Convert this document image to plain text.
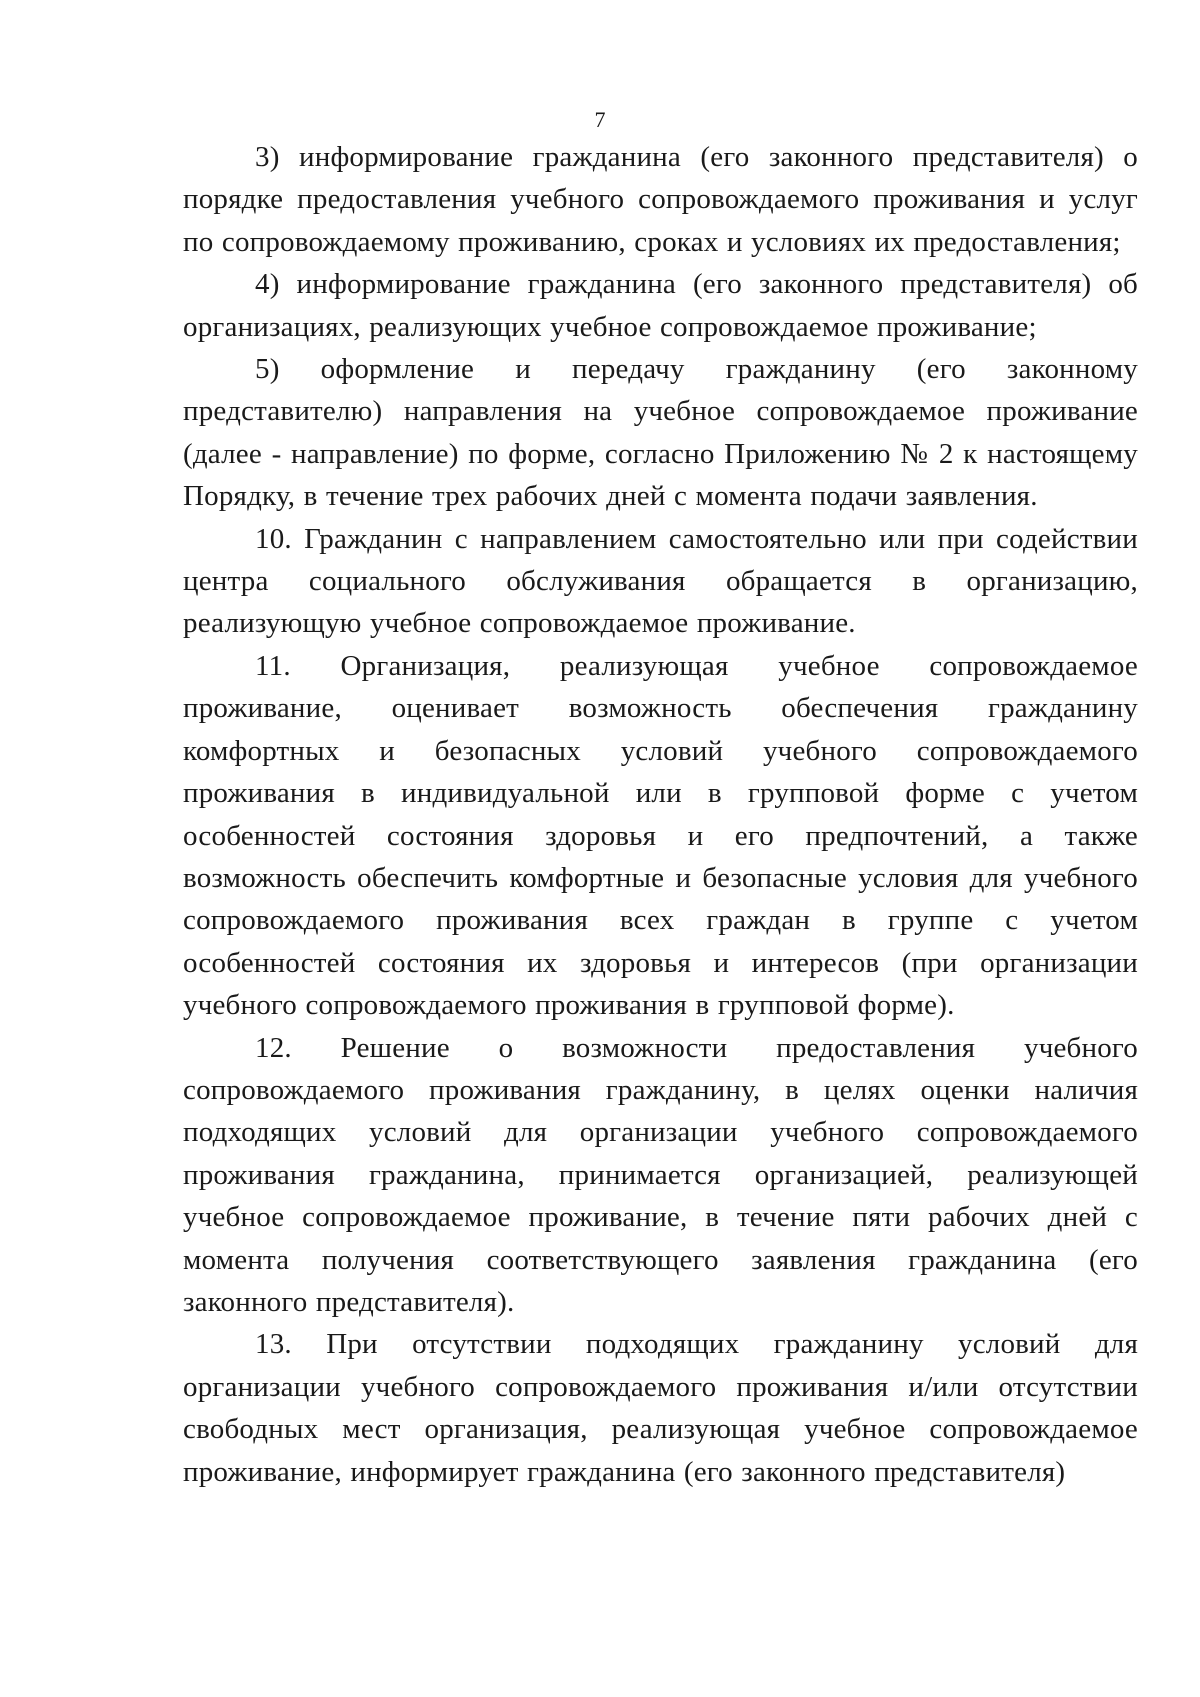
7

3) информирование гражданина (его законного представителя) о порядке предоставления учебного сопровождаемого проживания и услуг по сопровождаемому проживанию, сроках и условиях их предоставления;

4) информирование гражданина (его законного представителя) об организациях, реализующих учебное сопровождаемое проживание;

5) оформление и передачу гражданину (его законному представителю) направления на учебное сопровождаемое проживание (далее - направление) по форме, согласно Приложению № 2 к настоящему Порядку, в течение трех рабочих дней с момента подачи заявления.

10. Гражданин с направлением самостоятельно или при содействии центра социального обслуживания обращается в организацию, реализующую учебное сопровождаемое проживание.

11. Организация, реализующая учебное сопровождаемое проживание, оценивает возможность обеспечения гражданину комфортных и безопасных условий учебного сопровождаемого проживания в индивидуальной или в групповой форме с учетом особенностей состояния здоровья и его предпочтений, а также возможность обеспечить комфортные и безопасные условия для учебного сопровождаемого проживания всех граждан в группе с учетом особенностей состояния их здоровья и интересов (при организации учебного сопровождаемого проживания в групповой форме).

12. Решение о возможности предоставления учебного сопровождаемого проживания гражданину, в целях оценки наличия подходящих условий для организации учебного сопровождаемого проживания гражданина, принимается организацией, реализующей учебное сопровождаемое проживание, в течение пяти рабочих дней с момента получения соответствующего заявления гражданина (его законного представителя).

13. При отсутствии подходящих гражданину условий для организации учебного сопровождаемого проживания и/или отсутствии свободных мест организация, реализующая учебное сопровождаемое проживание, информирует гражданина (его законного представителя)
